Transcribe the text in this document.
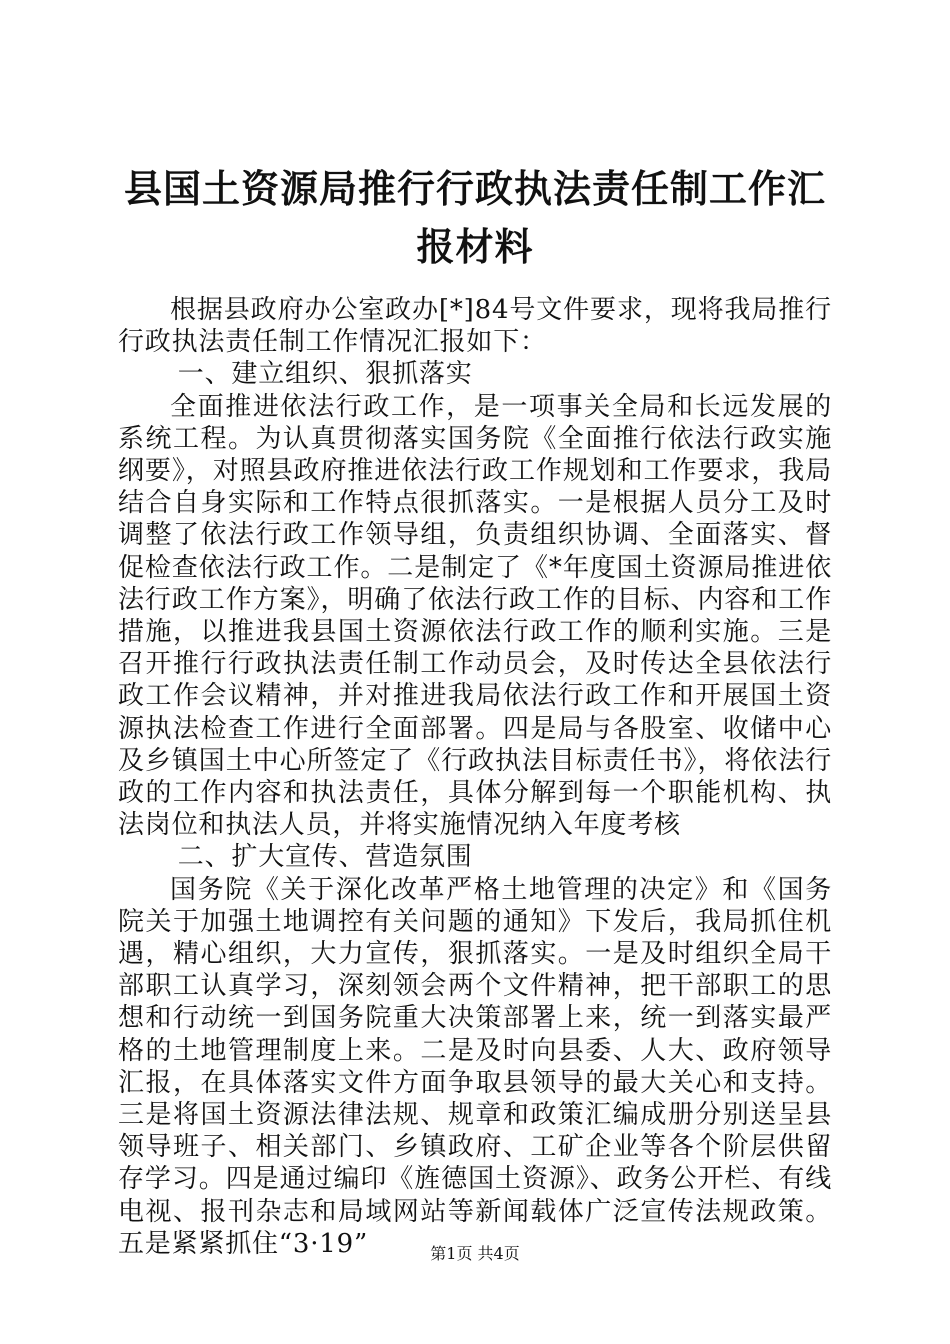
县国土资源局推行行政执法责任制工作汇报材料

根据县政府办公室政办[*]84号文件要求，现将我局推行行政执法责任制工作情况汇报如下：

一、建立组织、狠抓落实

全面推进依法行政工作，是一项事关全局和长远发展的系统工程。为认真贯彻落实国务院《全面推行依法行政实施纲要》，对照县政府推进依法行政工作规划和工作要求，我局结合自身实际和工作特点很抓落实。一是根据人员分工及时调整了依法行政工作领导组，负责组织协调、全面落实、督促检查依法行政工作。二是制定了《*年度国土资源局推进依法行政工作方案》，明确了依法行政工作的目标、内容和工作措施，以推进我县国土资源依法行政工作的顺利实施。三是召开推行行政执法责任制工作动员会，及时传达全县依法行政工作会议精神，并对推进我局依法行政工作和开展国土资源执法检查工作进行全面部署。四是局与各股室、收储中心及乡镇国土中心所签定了《行政执法目标责任书》，将依法行政的工作内容和执法责任，具体分解到每一个职能机构、执法岗位和执法人员，并将实施情况纳入年度考核

二、扩大宣传、营造氛围

国务院《关于深化改革严格土地管理的决定》和《国务院关于加强土地调控有关问题的通知》下发后，我局抓住机遇，精心组织，大力宣传，狠抓落实。一是及时组织全局干部职工认真学习，深刻领会两个文件精神，把干部职工的思想和行动统一到国务院重大决策部署上来，统一到落实最严格的土地管理制度上来。二是及时向县委、人大、政府领导汇报，在具体落实文件方面争取县领导的最大关心和支持。三是将国土资源法律法规、规章和政策汇编成册分别送呈县领导班子、相关部门、乡镇政府、工矿企业等各个阶层供留存学习。四是通过编印《旌德国土资源》、政务公开栏、有线电视、报刊杂志和局域网站等新闻载体广泛宣传法规政策。五是紧紧抓住“3·19”	第1页 共4页
